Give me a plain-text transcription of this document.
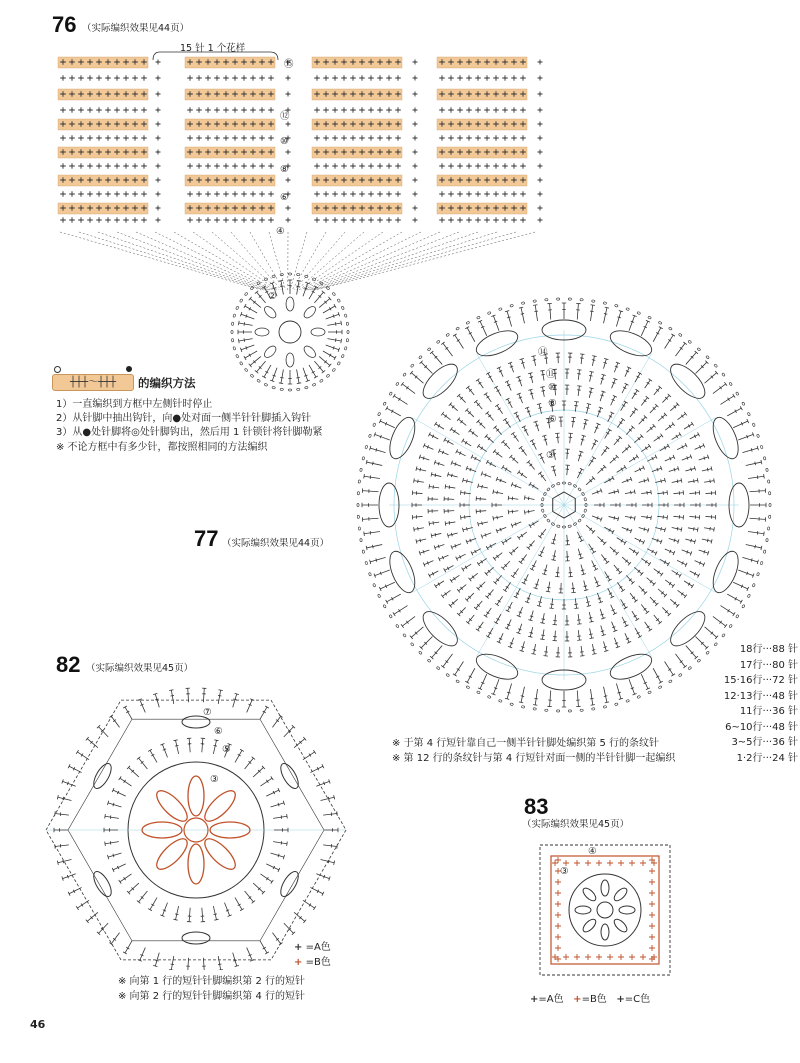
76 （实际编织效果见44页）
15 针 1 个花样
⑮
⑫
⑩
⑧
⑥
④
②
┼┼┼～┼┼┼	的编织方法
1）一直编织到方框中左侧针时停止
2）从针脚中抽出钩针，向●处对面一侧半针针脚插入钩针
3）从●处针脚将◎处针脚钩出，然后用 1 针锁针将针脚勒紧
※ 不论方框中有多少针，都按照相同的方法编织
77 （实际编织效果见44页）
⑭
⑪
⑩
⑧
⑥
③
18行···88 针
17行···80 针
15·16行···72 针
12·13行···48 针
11行···36 针
6~10行···48 针
3~5行···36 针
1·2行···24 针
※ 于第 4 行短针靠自己一侧半针针脚处编织第 5 行的条纹针
※ 第 12 行的条纹针与第 4 行短针对面一侧的半针针脚一起编织
82 （实际编织效果见45页）
⑦
⑥
⑤
③
+ =A色
+ =B色
※ 向第 1 行的短针针脚编织第 2 行的短针
※ 向第 2 行的短针针脚编织第 4 行的短针
83
（实际编织效果见45页）
④
③
+=A色 +=B色 +=C色
46
